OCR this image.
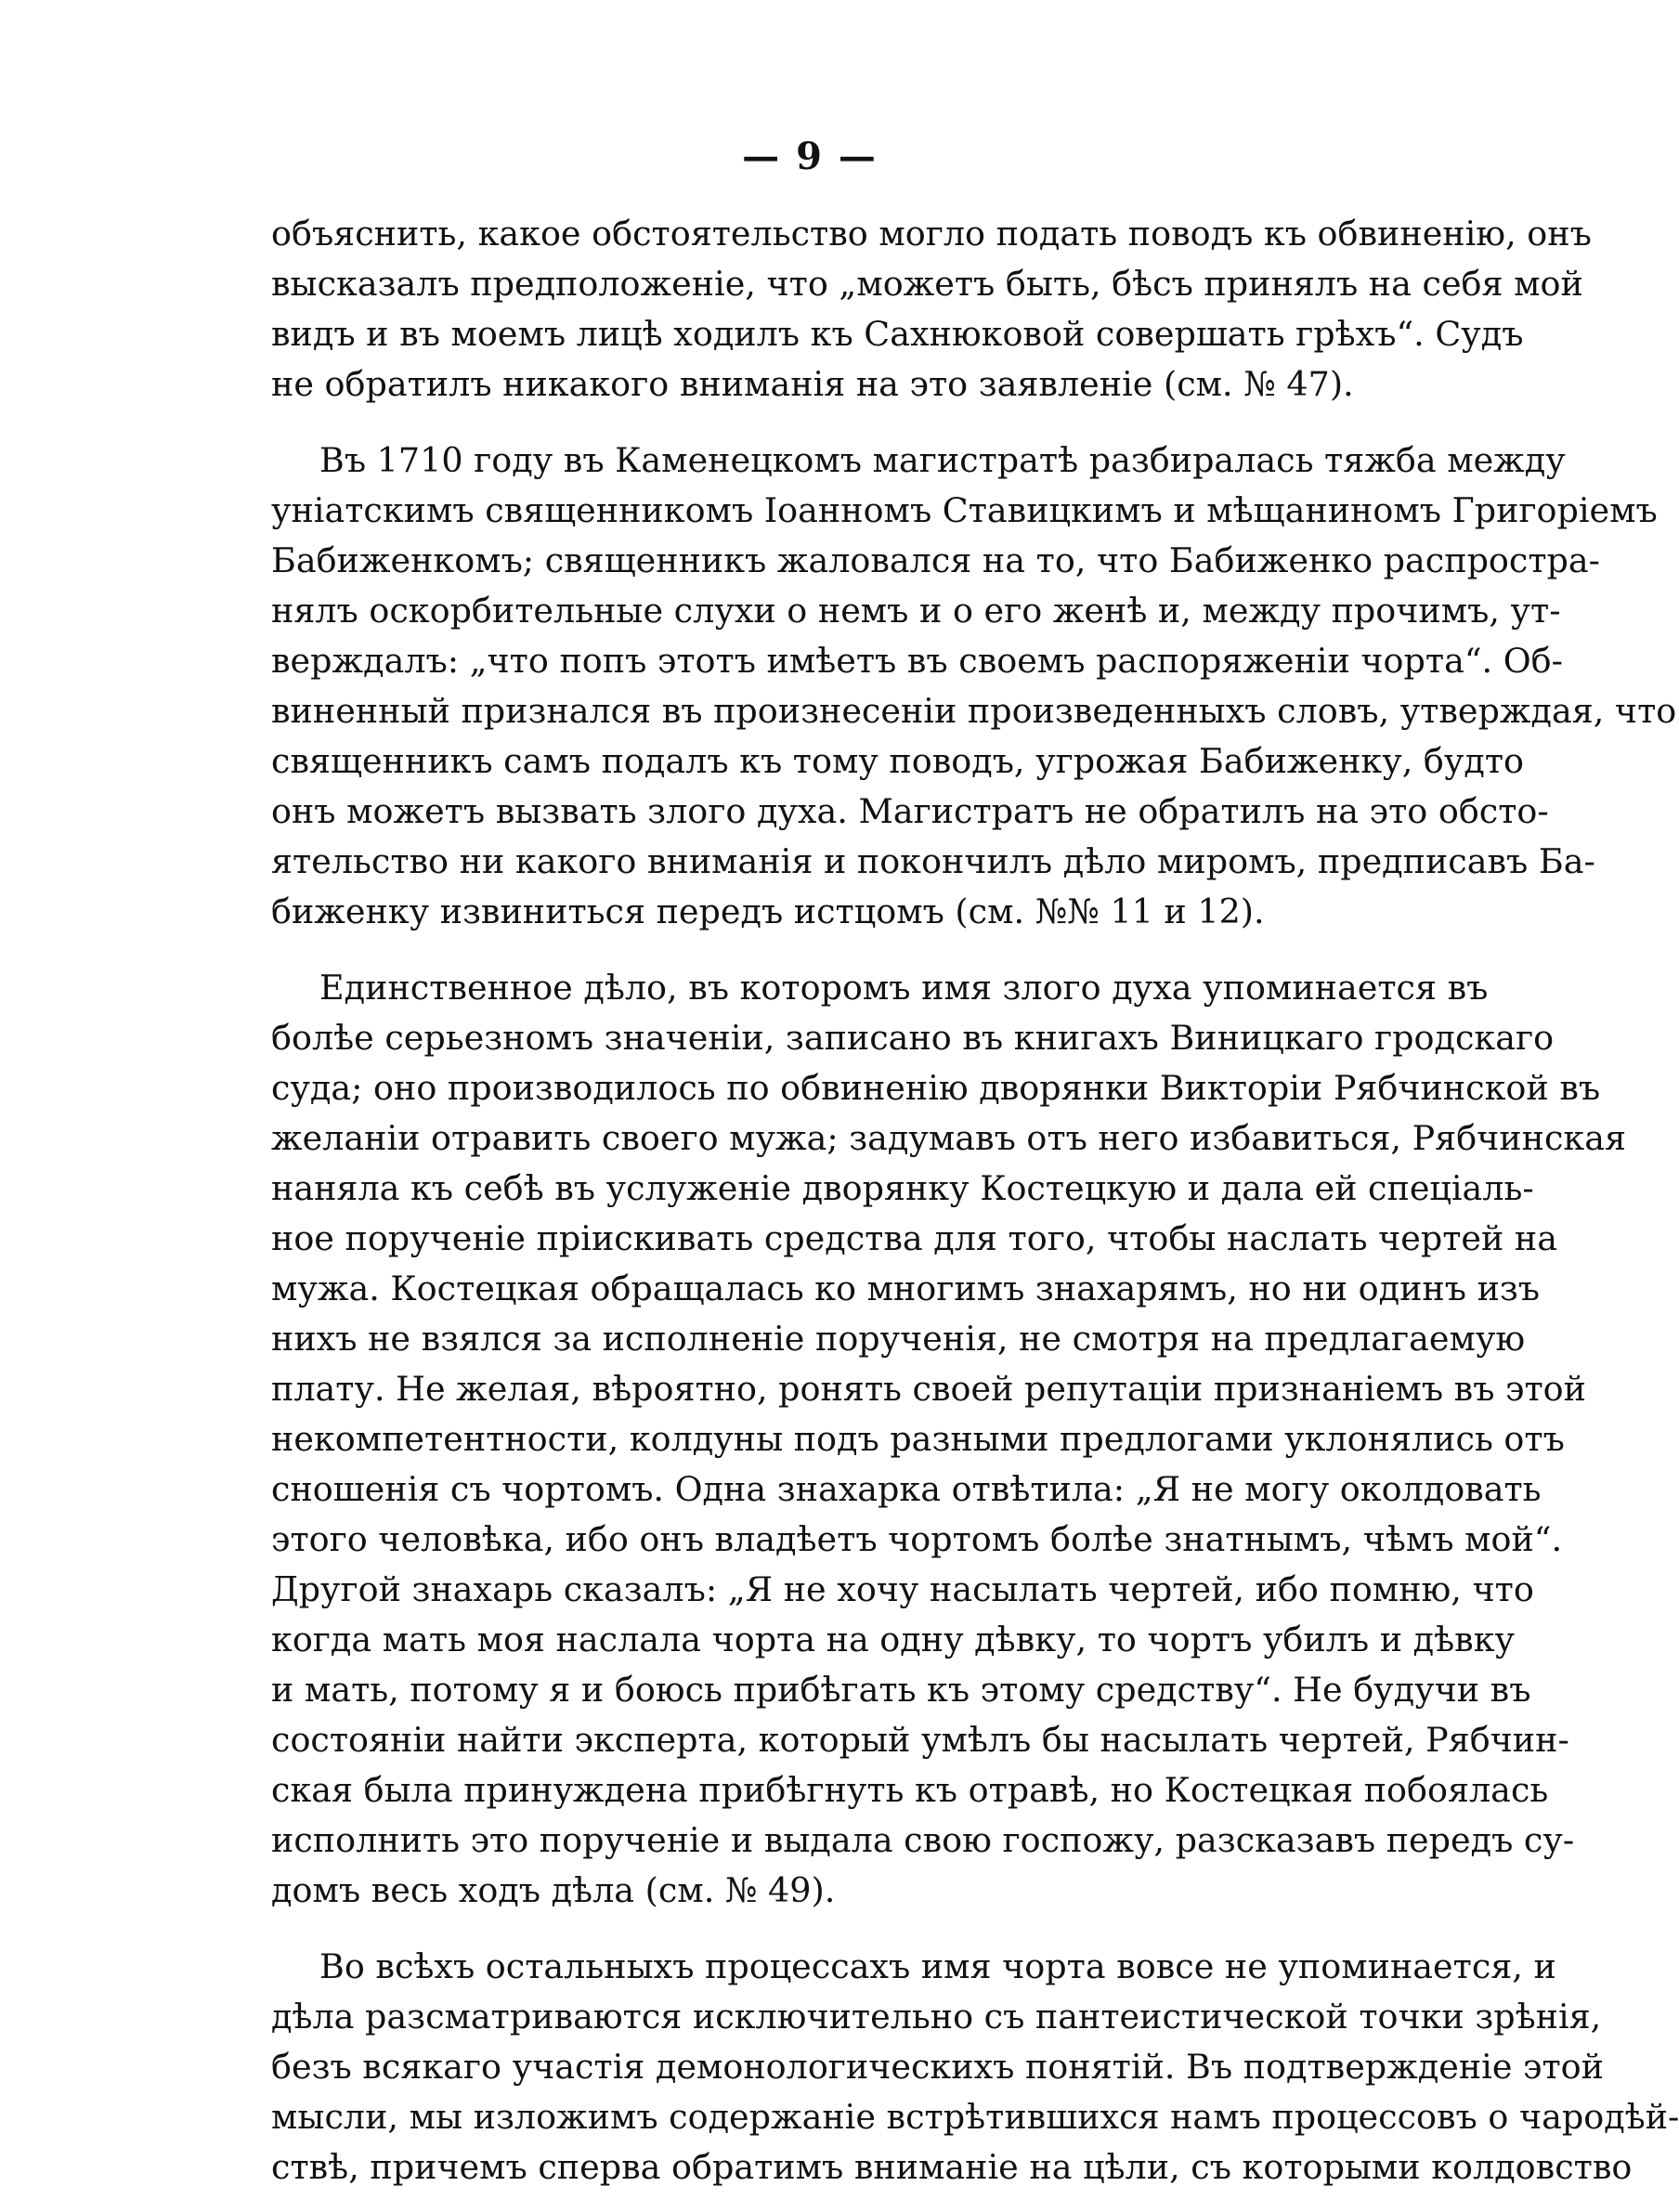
— 9 —
объяснить, какое обстоятельство могло подать поводъ къ обвиненію, онъ
высказалъ предположеніе, что „можетъ быть, бѣсъ принялъ на себя мой
видъ и въ моемъ лицѣ ходилъ къ Сахнюковой совершать грѣхъ“. Судъ
не обратилъ никакого вниманія на это заявленіе (см. № 47).
Въ 1710 году въ Каменецкомъ магистратѣ разбиралась тяжба между
уніатскимъ священникомъ Іоанномъ Ставицкимъ и мѣщаниномъ Григоріемъ
Бабиженкомъ; священникъ жаловался на то, что Бабиженко распростра-
нялъ оскорбительные слухи о немъ и о его женѣ и, между прочимъ, ут-
верждалъ: „что попъ этотъ имѣетъ въ своемъ распоряженіи чорта“. Об-
виненный признался въ произнесеніи произведенныхъ словъ, утверждая, что
священникъ самъ подалъ къ тому поводъ, угрожая Бабиженку, будто
онъ можетъ вызвать злого духа. Магистратъ не обратилъ на это обсто-
ятельство ни какого вниманія и покончилъ дѣло миромъ, предписавъ Ба-
биженку извиниться передъ истцомъ (см. №№ 11 и 12).
Единственное дѣло, въ которомъ имя злого духа упоминается въ
болѣе серьезномъ значеніи, записано въ книгахъ Виницкаго гродскаго
суда; оно производилось по обвиненію дворянки Викторіи Рябчинской въ
желаніи отравить своего мужа; задумавъ отъ него избавиться, Рябчинская
наняла къ себѣ въ услуженіе дворянку Костецкую и дала ей спеціаль-
ное порученіе пріискивать средства для того, чтобы наслать чертей на
мужа. Костецкая обращалась ко многимъ знахарямъ, но ни одинъ изъ
нихъ не взялся за исполненіе порученія, не смотря на предлагаемую
плату. Не желая, вѣроятно, ронять своей репутаціи признаніемъ въ этой
некомпетентности, колдуны подъ разными предлогами уклонялись отъ
сношенія съ чортомъ. Одна знахарка отвѣтила: „Я не могу околдовать
этого человѣка, ибо онъ владѣетъ чортомъ болѣе знатнымъ, чѣмъ мой“.
Другой знахарь сказалъ: „Я не хочу насылать чертей, ибо помню, что
когда мать моя наслала чорта на одну дѣвку, то чортъ убилъ и дѣвку
и мать, потому я и боюсь прибѣгать къ этому средству“. Не будучи въ
состояніи найти эксперта, который умѣлъ бы насылать чертей, Рябчин-
ская была принуждена прибѣгнуть къ отравѣ, но Костецкая побоялась
исполнить это порученіе и выдала свою госпожу, разсказавъ передъ су-
домъ весь ходъ дѣла (см. № 49).
Во всѣхъ остальныхъ процессахъ имя чорта вовсе не упоминается, и
дѣла разсматриваются исключительно съ пантеистической точки зрѣнія,
безъ всякаго участія демонологическихъ понятій. Въ подтвержденіе этой
мысли, мы изложимъ содержаніе встрѣтившихся намъ процессовъ о чародѣй-
ствѣ, причемъ сперва обратимъ вниманіе на цѣли, съ которыми колдовство
